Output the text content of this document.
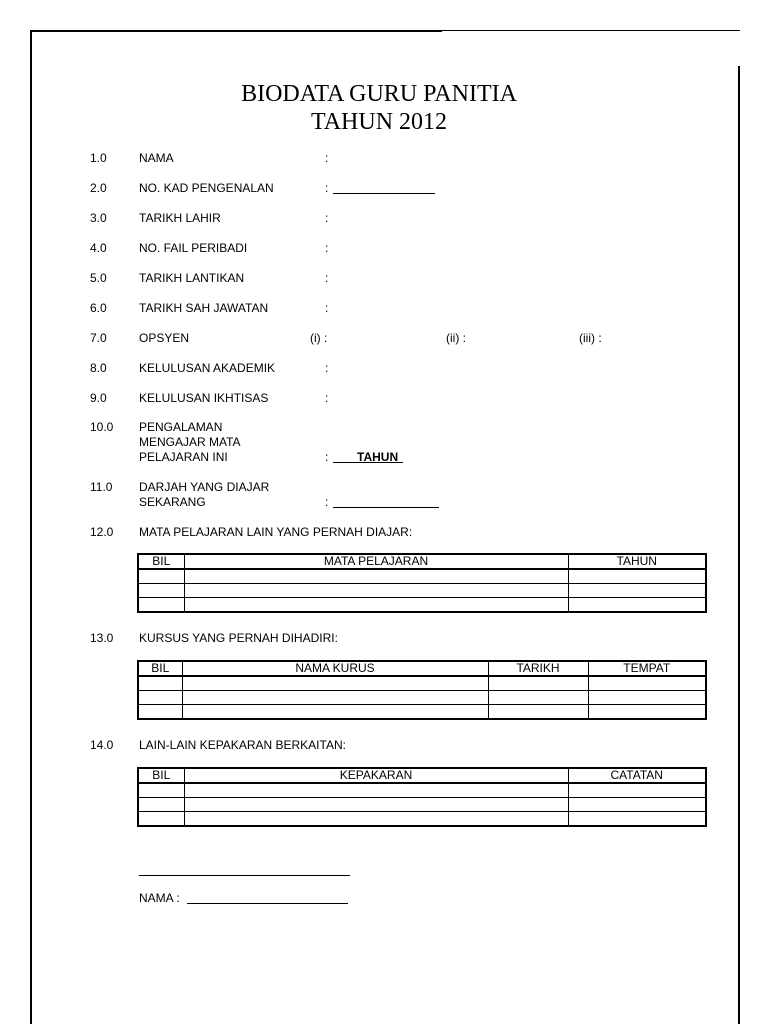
BIODATA GURU PANITIA
TAHUN 2012
1.0	NAMA	:
2.0	NO. KAD PENGENALAN	:
3.0	TARIKH LAHIR	:
4.0	NO. FAIL PERIBADI	:
5.0	TARIKH LANTIKAN	:
6.0	TARIKH SAH JAWATAN	:
7.0	OPSYEN	(i) :	(ii) :	(iii) :
8.0	KELULUSAN AKADEMIK	:
9.0	KELULUSAN IKHTISAS	:
10.0 PENGALAMAN
MENGAJAR MATA
PELAJARAN INI	: TAHUN
11.0 DARJAH YANG DIAJAR
SEKARANG	:
12.0 MATA PELAJARAN LAIN YANG PERNAH DIAJAR:
BIL	MATA PELAJARAN	TAHUN

13.0 KURSUS YANG PERNAH DIHADIRI:
BIL	NAMA KURUS	TARIKH	TEMPAT

14.0 LAIN-LAIN KEPAKARAN BERKAITAN:
BIL	KEPAKARAN	CATATAN

NAMA :
